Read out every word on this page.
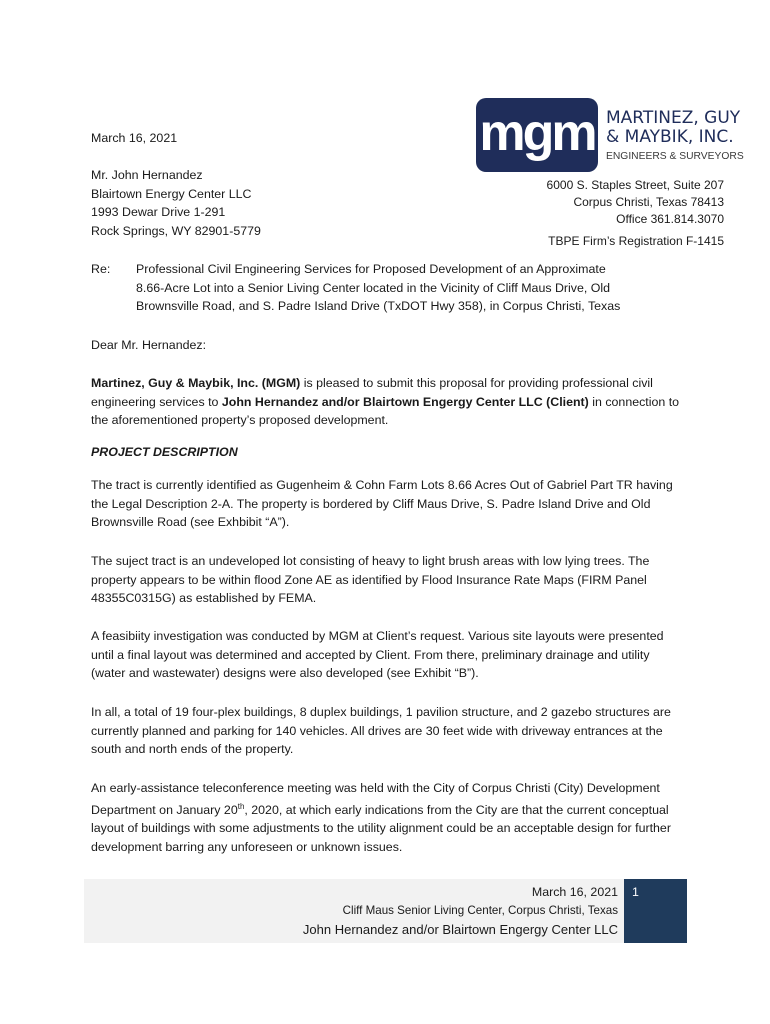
mgm MARTINEZ, GUY
& MAYBIK, INC.
ENGINEERS & SURVEYORS
6000 S. Staples Street, Suite 207
Corpus Christi, Texas 78413
Office 361.814.3070
TBPE Firm’s Registration F-1415
March 16, 2021
Mr. John Hernandez
Blairtown Energy Center LLC
1993 Dewar Drive 1-291
Rock Springs, WY 82901-5779
Re: Professional Civil Engineering Services for Proposed Development of an Approximate
8.66-Acre Lot into a Senior Living Center located in the Vicinity of Cliff Maus Drive, Old
Brownsville Road, and S. Padre Island Drive (TxDOT Hwy 358), in Corpus Christi, Texas
Dear Mr. Hernandez:

Martinez, Guy & Maybik, Inc. (MGM) is pleased to submit this proposal for providing professional civil engineering services to John Hernandez and/or Blairtown Engergy Center LLC (Client) in connection to the aforementioned property’s proposed development.

PROJECT DESCRIPTION

The tract is currently identified as Gugenheim & Cohn Farm Lots 8.66 Acres Out of Gabriel Part TR having the Legal Description 2-A. The property is bordered by Cliff Maus Drive, S. Padre Island Drive and Old Brownsville Road (see Exhbibit “A”).

The suject tract is an undeveloped lot consisting of heavy to light brush areas with low lying trees. The property appears to be within flood Zone AE as identified by Flood Insurance Rate Maps (FIRM Panel 48355C0315G) as established by FEMA.

A feasibiity investigation was conducted by MGM at Client’s request. Various site layouts were presented until a final layout was determined and accepted by Client. From there, preliminary drainage and utility (water and wastewater) designs were also developed (see Exhibit “B”).

In all, a total of 19 four-plex buildings, 8 duplex buildings, 1 pavilion structure, and 2 gazebo structures are currently planned and parking for 140 vehicles. All drives are 30 feet wide with driveway entrances at the south and north ends of the property.

An early-assistance teleconference meeting was held with the City of Corpus Christi (City) Development Department on January 20th, 2020, at which early indications from the City are that the current conceptual layout of buildings with some adjustments to the utility alignment could be an acceptable design for further development barring any unforeseen or unknown issues.

1
March 16, 2021
Cliff Maus Senior Living Center, Corpus Christi, Texas
John Hernandez and/or Blairtown Engergy Center LLC
